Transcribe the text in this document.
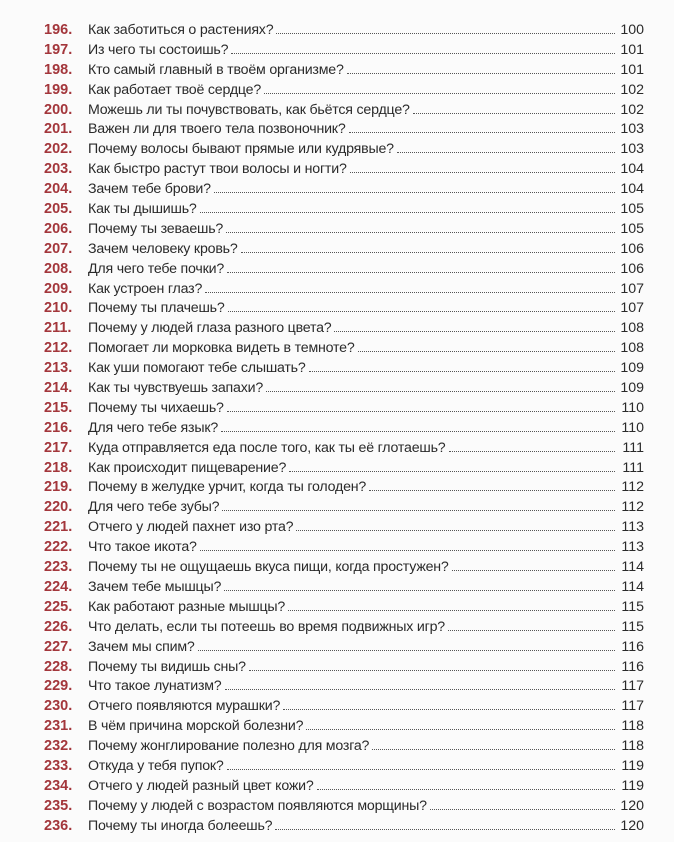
196.	Как заботиться о растениях?	100
197.	Из чего ты состоишь?	101
198.	Кто самый главный в твоём организме?	101
199.	Как работает твоё сердце?	102
200.	Можешь ли ты почувствовать, как бьётся сердце?	102
201.	Важен ли для твоего тела позвоночник?	103
202.	Почему волосы бывают прямые или кудрявые?	103
203.	Как быстро растут твои волосы и ногти?	104
204.	Зачем тебе брови?	104
205.	Как ты дышишь?	105
206.	Почему ты зеваешь?	105
207.	Зачем человеку кровь?	106
208.	Для чего тебе почки?	106
209.	Как устроен глаз?	107
210.	Почему ты плачешь?	107
211.	Почему у людей глаза разного цвета?	108
212.	Помогает ли морковка видеть в темноте?	108
213.	Как уши помогают тебе слышать?	109
214.	Как ты чувствуешь запахи?	109
215.	Почему ты чихаешь?	110
216.	Для чего тебе язык?	110
217.	Куда отправляется еда после того, как ты её глотаешь?	111
218.	Как происходит пищеварение?	111
219.	Почему в желудке урчит, когда ты голоден?	112
220.	Для чего тебе зубы?	112
221.	Отчего у людей пахнет изо рта?	113
222.	Что такое икота?	113
223.	Почему ты не ощущаешь вкуса пищи, когда простужен?	114
224.	Зачем тебе мышцы?	114
225.	Как работают разные мышцы?	115
226.	Что делать, если ты потеешь во время подвижных игр?	115
227.	Зачем мы спим?	116
228.	Почему ты видишь сны?	116
229.	Что такое лунатизм?	117
230.	Отчего появляются мурашки?	117
231.	В чём причина морской болезни?	118
232.	Почему жонглирование полезно для мозга?	118
233.	Откуда у тебя пупок?	119
234.	Отчего у людей разный цвет кожи?	119
235.	Почему у людей с возрастом появляются морщины?	120
236.	Почему ты иногда болеешь?	120
